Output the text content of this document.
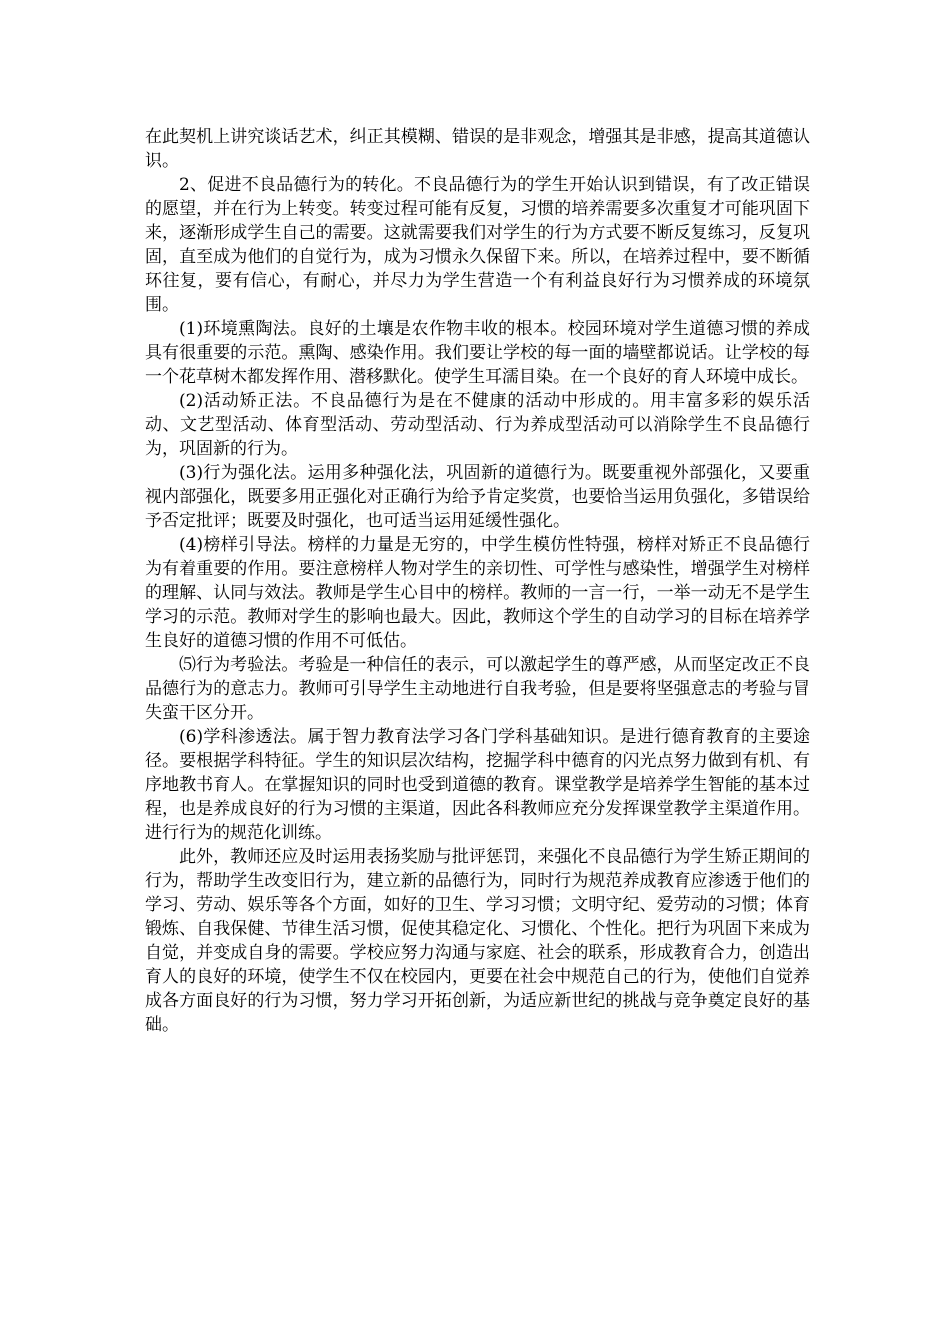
在此契机上讲究谈话艺术，纠正其模糊、错误的是非观念，增强其是非感，提高其道德认识。

2、促进不良品德行为的转化。不良品德行为的学生开始认识到错误，有了改正错误的愿望，并在行为上转变。转变过程可能有反复，习惯的培养需要多次重复才可能巩固下来，逐渐形成学生自己的需要。这就需要我们对学生的行为方式要不断反复练习，反复巩固，直至成为他们的自觉行为，成为习惯永久保留下来。所以，在培养过程中，要不断循环往复，要有信心，有耐心，并尽力为学生营造一个有利益良好行为习惯养成的环境氛围。

(1)环境熏陶法。良好的土壤是农作物丰收的根本。校园环境对学生道德习惯的养成具有很重要的示范。熏陶、感染作用。我们要让学校的每一面的墙壁都说话。让学校的每一个花草树木都发挥作用、潜移默化。使学生耳濡目染。在一个良好的育人环境中成长。

(2)活动矫正法。不良品德行为是在不健康的活动中形成的。用丰富多彩的娱乐活动、文艺型活动、体育型活动、劳动型活动、行为养成型活动可以消除学生不良品德行为，巩固新的行为。

(3)行为强化法。运用多种强化法，巩固新的道德行为。既要重视外部强化，又要重视内部强化，既要多用正强化对正确行为给予肯定奖赏，也要恰当运用负强化，多错误给予否定批评；既要及时强化，也可适当运用延缓性强化。

(4)榜样引导法。榜样的力量是无穷的，中学生模仿性特强，榜样对矫正不良品德行为有着重要的作用。要注意榜样人物对学生的亲切性、可学性与感染性，增强学生对榜样的理解、认同与效法。教师是学生心目中的榜样。教师的一言一行，一举一动无不是学生学习的示范。教师对学生的影响也最大。因此，教师这个学生的自动学习的目标在培养学生良好的道德习惯的作用不可低估。

⑸行为考验法。考验是一种信任的表示，可以激起学生的尊严感，从而坚定改正不良品德行为的意志力。教师可引导学生主动地进行自我考验，但是要将坚强意志的考验与冒失蛮干区分开。

(6)学科渗透法。属于智力教育法学习各门学科基础知识。是进行德育教育的主要途径。要根据学科特征。学生的知识层次结构，挖掘学科中德育的闪光点努力做到有机、有序地教书育人。在掌握知识的同时也受到道德的教育。课堂教学是培养学生智能的基本过程，也是养成良好的行为习惯的主渠道，因此各科教师应充分发挥课堂教学主渠道作用。进行行为的规范化训练。

此外，教师还应及时运用表扬奖励与批评惩罚，来强化不良品德行为学生矫正期间的行为，帮助学生改变旧行为，建立新的品德行为，同时行为规范养成教育应渗透于他们的学习、劳动、娱乐等各个方面，如好的卫生、学习习惯；文明守纪、爱劳动的习惯；体育锻炼、自我保健、节律生活习惯，促使其稳定化、习惯化、个性化。把行为巩固下来成为自觉，并变成自身的需要。学校应努力沟通与家庭、社会的联系，形成教育合力，创造出育人的良好的环境，使学生不仅在校园内，更要在社会中规范自己的行为，使他们自觉养成各方面良好的行为习惯，努力学习开拓创新，为适应新世纪的挑战与竞争奠定良好的基础。
